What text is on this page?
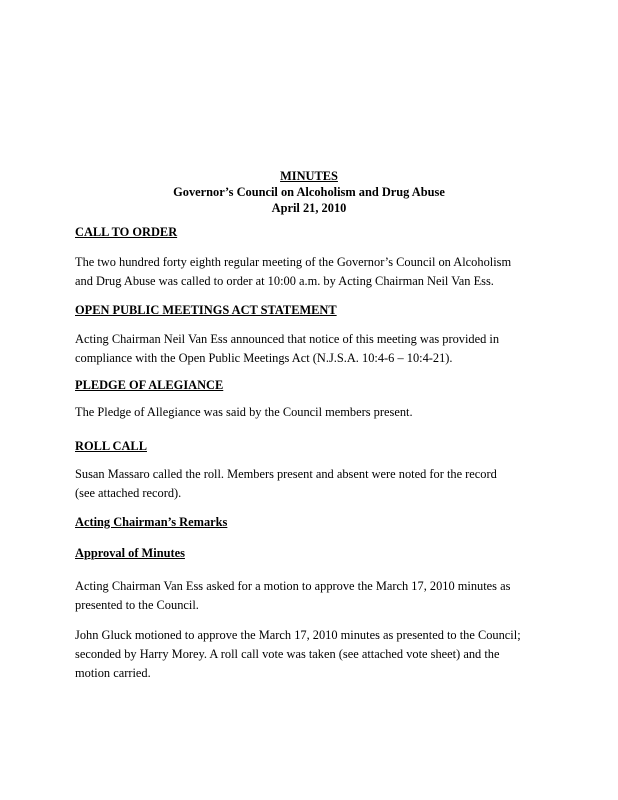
MINUTES
Governor’s Council on Alcoholism and Drug Abuse
April 21, 2010
CALL TO ORDER
The two hundred forty eighth regular meeting of the Governor’s Council on Alcoholism
and Drug Abuse was called to order at 10:00 a.m. by Acting Chairman Neil Van Ess.
OPEN PUBLIC MEETINGS ACT STATEMENT
Acting Chairman Neil Van Ess announced that notice of this meeting was provided in
compliance with the Open Public Meetings Act (N.J.S.A. 10:4-6 – 10:4-21).
PLEDGE OF ALEGIANCE
The Pledge of Allegiance was said by the Council members present.
ROLL CALL
Susan Massaro called the roll. Members present and absent were noted for the record
(see attached record).
Acting Chairman’s Remarks
Approval of Minutes
Acting Chairman Van Ess asked for a motion to approve the March 17, 2010 minutes as
presented to the Council.
John Gluck motioned to approve the March 17, 2010 minutes as presented to the Council;
seconded by Harry Morey. A roll call vote was taken (see attached vote sheet) and the
motion carried.
